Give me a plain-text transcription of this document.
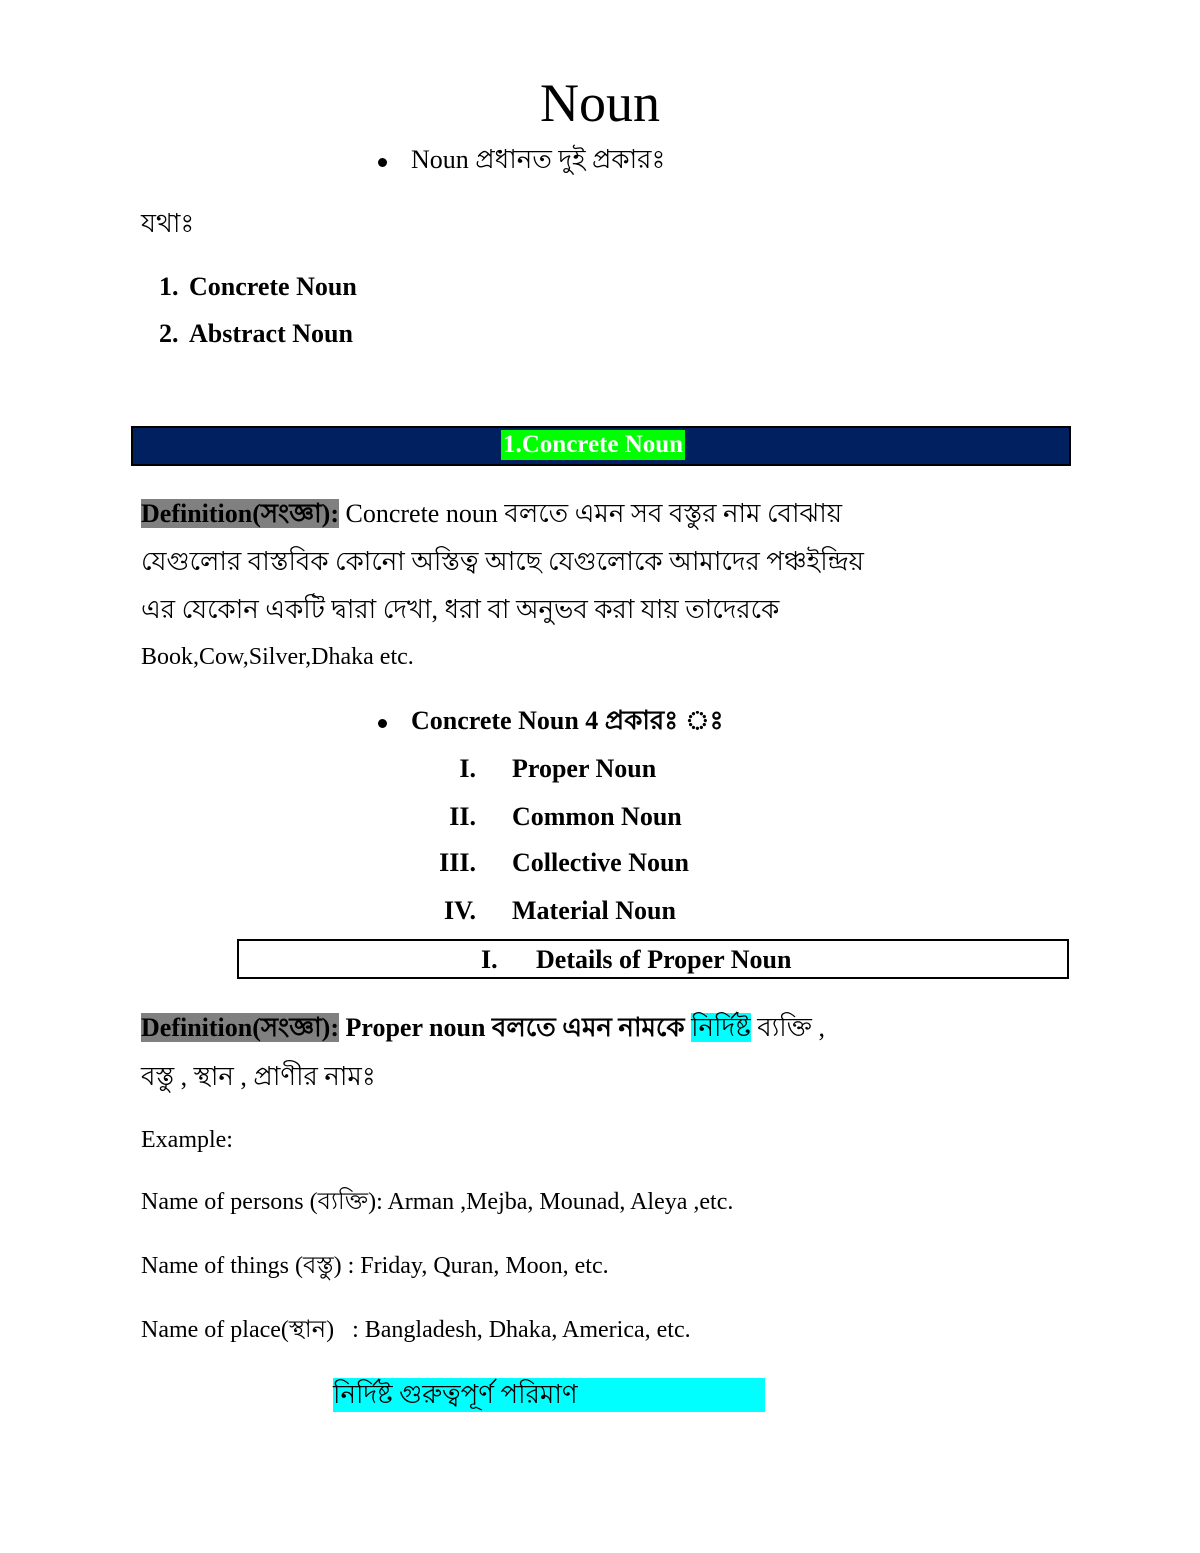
Noun
Noun প্রধানত দুই প্রকারঃ
যথাঃ
1. Concrete Noun
2. Abstract Noun
1.Concrete Noun
Definition(সংজ্ঞা): Concrete noun বলতে এমন সব বস্তুর নাম বোঝায়
যেগুলোর বাস্তবিক কোনো অস্তিত্ব আছে যেগুলোকে আমাদের পঞ্চইন্দ্রিয়
এর যেকোন একটি দ্বারা দেখা, ধরা বা অনুভব করা যায় তাদেরকে
Book,Cow,Silver,Dhaka etc.
Concrete Noun 4 প্রকারঃ ঃ
I. Proper Noun
II. Common Noun
III. Collective Noun
IV. Material Noun
I. Details of Proper Noun
Definition(সংজ্ঞা): Proper noun বলতে এমন নামকে নির্দিষ্ট ব্যক্তি ,
বস্তু , স্থান , প্রাণীর নামঃ
Example:
Name of persons (ব্যক্তি): Arman ,Mejba, Mounad, Aleya ,etc.
Name of things (বস্তু) : Friday, Quran, Moon, etc.
Name of place(স্থান)   : Bangladesh, Dhaka, America, etc.
নির্দিষ্ট গুরুত্বপূর্ণ পরিমাণ
